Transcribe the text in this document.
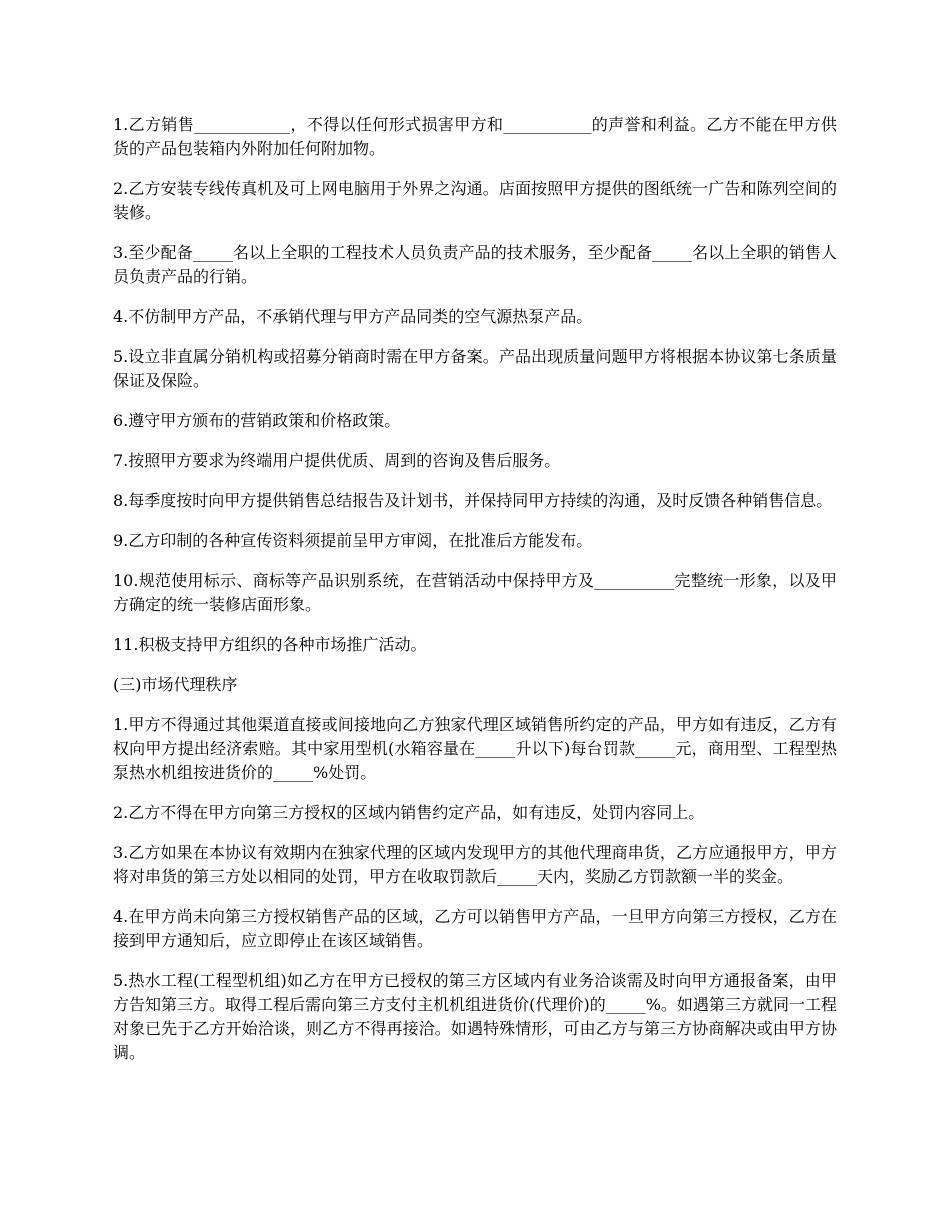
1.乙方销售____________，不得以任何形式损害甲方和___________的声誉和利益。乙方不能在甲方供货的产品包装箱内外附加任何附加物。

2.乙方安装专线传真机及可上网电脑用于外界之沟通。店面按照甲方提供的图纸统一广告和陈列空间的装修。

3.至少配备_____名以上全职的工程技术人员负责产品的技术服务，至少配备_____名以上全职的销售人员负责产品的行销。

4.不仿制甲方产品，不承销代理与甲方产品同类的空气源热泵产品。

5.设立非直属分销机构或招募分销商时需在甲方备案。产品出现质量问题甲方将根据本协议第七条质量保证及保险。

6.遵守甲方颁布的营销政策和价格政策。

7.按照甲方要求为终端用户提供优质、周到的咨询及售后服务。

8.每季度按时向甲方提供销售总结报告及计划书，并保持同甲方持续的沟通，及时反馈各种销售信息。

9.乙方印制的各种宣传资料须提前呈甲方审阅，在批准后方能发布。

10.规范使用标示、商标等产品识别系统，在营销活动中保持甲方及__________完整统一形象，以及甲方确定的统一装修店面形象。

11.积极支持甲方组织的各种市场推广活动。

(三)市场代理秩序

1.甲方不得通过其他渠道直接或间接地向乙方独家代理区域销售所约定的产品，甲方如有违反，乙方有权向甲方提出经济索赔。其中家用型机(水箱容量在_____升以下)每台罚款_____元，商用型、工程型热泵热水机组按进货价的_____%处罚。

2.乙方不得在甲方向第三方授权的区域内销售约定产品，如有违反，处罚内容同上。

3.乙方如果在本协议有效期内在独家代理的区域内发现甲方的其他代理商串货，乙方应通报甲方，甲方将对串货的第三方处以相同的处罚，甲方在收取罚款后_____天内，奖励乙方罚款额一半的奖金。

4.在甲方尚未向第三方授权销售产品的区域，乙方可以销售甲方产品，一旦甲方向第三方授权，乙方在接到甲方通知后，应立即停止在该区域销售。

5.热水工程(工程型机组)如乙方在甲方已授权的第三方区域内有业务洽谈需及时向甲方通报备案，由甲方告知第三方。取得工程后需向第三方支付主机机组进货价(代理价)的_____%。如遇第三方就同一工程对象已先于乙方开始洽谈，则乙方不得再接洽。如遇特殊情形，可由乙方与第三方协商解决或由甲方协调。
